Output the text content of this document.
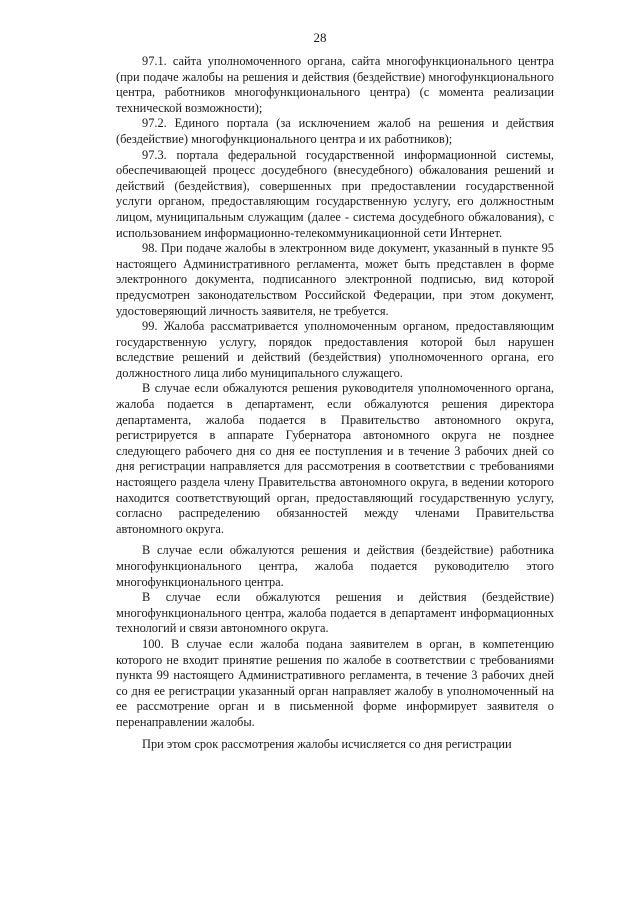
28

97.1. сайта уполномоченного органа, сайта многофункционального центра (при подаче жалобы на решения и действия (бездействие) многофункционального центра, работников многофункционального центра) (с момента реализации технической возможности);

97.2. Единого портала (за исключением жалоб на решения и действия (бездействие) многофункционального центра и их работников);

97.3. портала федеральной государственной информационной системы, обеспечивающей процесс досудебного (внесудебного) обжалования решений и действий (бездействия), совершенных при предоставлении государственной услуги органом, предоставляющим государственную услугу, его должностным лицом, муниципальным служащим (далее - система досудебного обжалования), с использованием информационно-телекоммуникационной сети Интернет.

98. При подаче жалобы в электронном виде документ, указанный в пункте 95 настоящего Административного регламента, может быть представлен в форме электронного документа, подписанного электронной подписью, вид которой предусмотрен законодательством Российской Федерации, при этом документ, удостоверяющий личность заявителя, не требуется.

99. Жалоба рассматривается уполномоченным органом, предоставляющим государственную услугу, порядок предоставления которой был нарушен вследствие решений и действий (бездействия) уполномоченного органа, его должностного лица либо муниципального служащего.

В случае если обжалуются решения руководителя уполномоченного органа, жалоба подается в департамент, если обжалуются решения директора департамента, жалоба подается в Правительство автономного округа, регистрируется в аппарате Губернатора автономного округа не позднее следующего рабочего дня со дня ее поступления и в течение 3 рабочих дней со дня регистрации направляется для рассмотрения в соответствии с требованиями настоящего раздела члену Правительства автономного округа, в ведении которого находится соответствующий орган, предоставляющий государственную услугу, согласно распределению обязанностей между членами Правительства автономного округа.

В случае если обжалуются решения и действия (бездействие) работника многофункционального центра, жалоба подается руководителю этого многофункционального центра.

В случае если обжалуются решения и действия (бездействие) многофункционального центра, жалоба подается в департамент информационных технологий и связи автономного округа.

100. В случае если жалоба подана заявителем в орган, в компетенцию которого не входит принятие решения по жалобе в соответствии с требованиями пункта 99 настоящего Административного регламента, в течение 3 рабочих дней со дня ее регистрации указанный орган направляет жалобу в уполномоченный на ее рассмотрение орган и в письменной форме информирует заявителя о перенаправлении жалобы.

При этом срок рассмотрения жалобы исчисляется со дня регистрации
